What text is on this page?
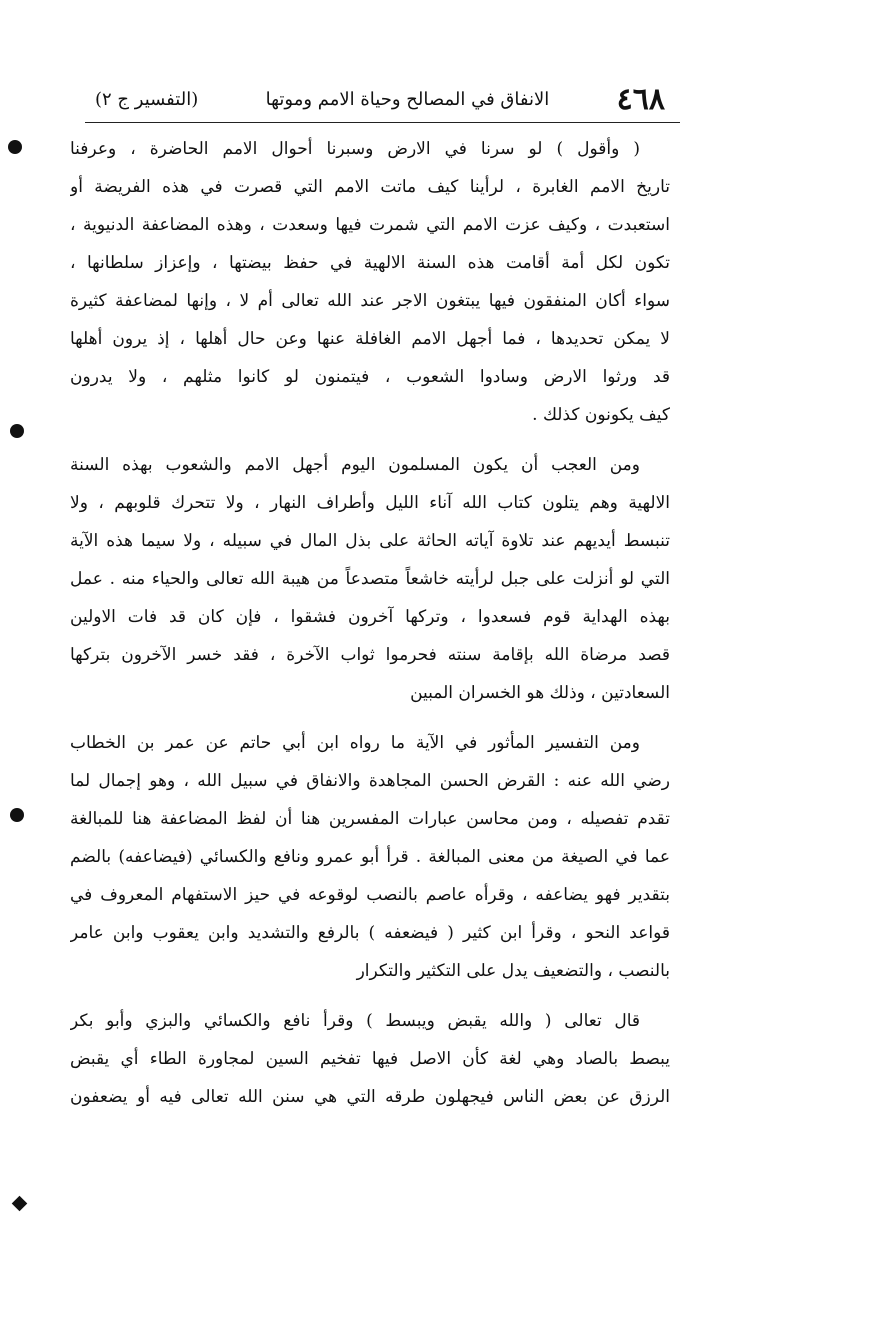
٤٦٨
الانفاق في المصالح وحياة الامم وموتها
(التفسير ج ٢)
( وأقول ) لو سرنا في الارض وسبرنا أحوال الامم الحاضرة ، وعرفنا
تاريخ الامم الغابرة ، لرأينا كيف ماتت الامم التي قصرت في هذه الفريضة أو
استعبدت ، وكيف عزت الامم التي شمرت فيها وسعدت ، وهذه المضاعفة الدنيوية ،
تكون لكل أمة أقامت هذه السنة الالهية في حفظ بيضتها ، وإعزاز سلطانها ،
سواء أكان المنفقون فيها يبتغون الاجر عند الله تعالى أم لا ، وإنها لمضاعفة كثيرة
لا يمكن تحديدها ، فما أجهل الامم الغافلة عنها وعن حال أهلها ، إذ يرون أهلها
قد ورثوا الارض وسادوا الشعوب ، فيتمنون لو كانوا مثلهم ، ولا يدرون
كيف يكونون كذلك .
ومن العجب أن يكون المسلمون اليوم أجهل الامم والشعوب بهذه السنة
الالهية وهم يتلون كتاب الله آناء الليل وأطراف النهار ، ولا تتحرك قلوبهم ، ولا
تنبسط أيديهم عند تلاوة آياته الحاثة على بذل المال في سبيله ، ولا سيما هذه الآية
التي لو أنزلت على جبل لرأيته خاشعاً متصدعاً من هيبة الله تعالى والحياء منه . عمل
بهذه الهداية قوم فسعدوا ، وتركها آخرون فشقوا ، فإن كان قد فات الاولين
قصد مرضاة الله بإقامة سنته فحرموا ثواب الآخرة ، فقد خسر الآخرون بتركها
السعادتين ، وذلك هو الخسران المبين
ومن التفسير المأثور في الآية ما رواه ابن أبي حاتم عن عمر بن الخطاب
رضي الله عنه : القرض الحسن المجاهدة والانفاق في سبيل الله ، وهو إجمال لما
تقدم تفصيله ، ومن محاسن عبارات المفسرين هنا أن لفظ المضاعفة هنا للمبالغة
عما في الصيغة من معنى المبالغة . قرأ أبو عمرو ونافع والكسائي (فيضاعفه) بالضم
بتقدير فهو يضاعفه ، وقرأه عاصم بالنصب لوقوعه في حيز الاستفهام المعروف في
قواعد النحو ، وقرأ ابن كثير ( فيضعفه ) بالرفع والتشديد وابن يعقوب وابن عامر
بالنصب ، والتضعيف يدل على التكثير والتكرار
قال تعالى ( والله يقبض ويبسط ) وقرأ نافع والكسائي والبزي وأبو بكر
يبصط بالصاد وهي لغة كأن الاصل فيها تفخيم السين لمجاورة الطاء أي يقبض
الرزق عن بعض الناس فيجهلون طرقه التي هي سنن الله تعالى فيه أو يضعفون
